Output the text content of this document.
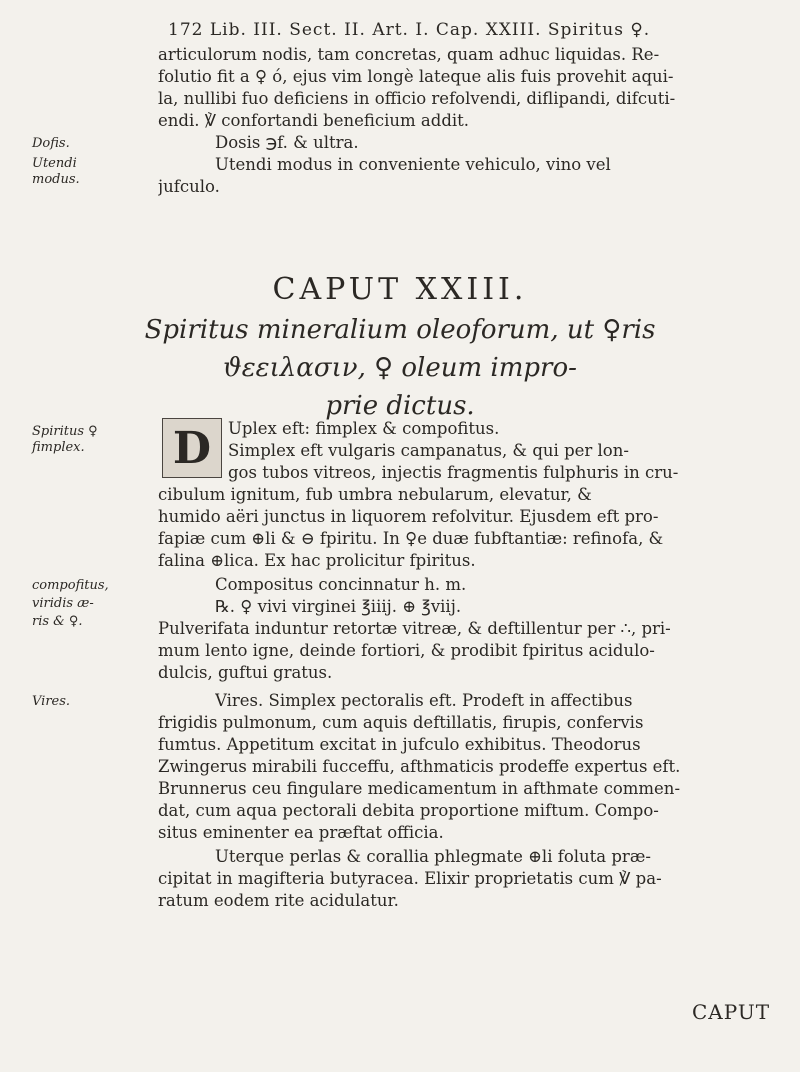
172 Lib. III. Sect. II. Art. I. Cap. XXIII. Spiritus ♀.
articulorum nodis, tam concretas, quam adhuc liquidas. Re-
folutio fit a ♀ ó, ejus vim longè lateque alis fuis provehit aqui-
la, nullibi fuo deficiens in officio refolvendi, diflipandi, difcuti-
endi. ℣ confortandi beneficium addit.
Dosis ℈f. & ultra.
Utendi modus in conveniente vehiculo, vino vel
jufculo.
Dofis.
Utendi
modus.
CAPUT XXIII.
Spiritus mineralium oleoforum, ut ♀ris
ϑεειλασιν, ♀ oleum impro-
prie dictus.
D	Uplex eft: fimplex & compofitus.
Simplex eft vulgaris campanatus, & qui per lon-
gos tubos vitreos, injectis fragmentis fulphuris in cru-
cibulum ignitum, fub umbra nebularum, elevatur, &
humido aëri junctus in liquorem refolvitur. Ejusdem eft pro-
fapiæ cum ⊕li & ⊖ fpiritu. In ♀e duæ fubftantiæ: refinofa, &
falina ⊕lica. Ex hac prolicitur fpiritus.
Spiritus ♀
fimplex.
Compositus concinnatur h. m.
℞. ♀ vivi virginei ℥iiij. ⊕ ℥viij.
Pulverifata induntur retortæ vitreæ, & deftillentur per ∴, pri-
mum lento igne, deinde fortiori, & prodibit fpiritus acidulo-
dulcis, guftui gratus.
compofitus,
viridis æ-
ris & ♀.
Vires. Simplex pectoralis eft. Prodeft in affectibus
frigidis pulmonum, cum aquis deftillatis, firupis, confervis
fumtus. Appetitum excitat in jufculo exhibitus. Theodorus
Zwingerus mirabili fucceffu, afthmaticis prodeffe expertus eft.
Brunnerus ceu fingulare medicamentum in afthmate commen-
dat, cum aqua pectorali debita proportione miftum. Compo-
situs eminenter ea præftat officia.
Uterque perlas & corallia phlegmate ⊕li foluta præ-
cipitat in magifteria butyracea. Elixir proprietatis cum ℣ pa-
ratum eodem rite acidulatur.
Vires.
CAPUT
